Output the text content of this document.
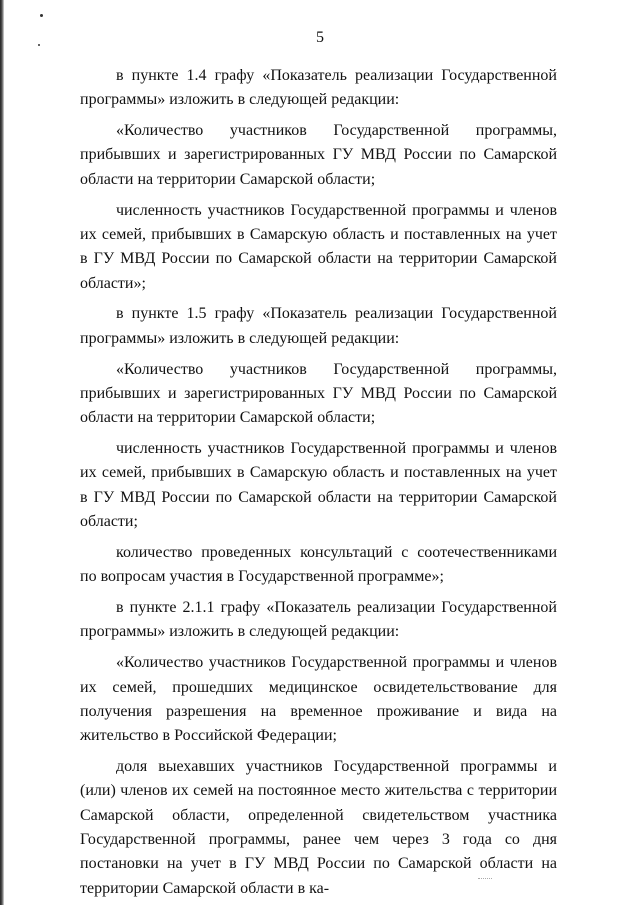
5

в пункте 1.4 графу «Показатель реализации Государственной программы» изложить в следующей редакции:

«Количество участников Государственной программы, прибывших и зарегистрированных ГУ МВД России по Самарской области на территории Самарской области;

численность участников Государственной программы и членов их семей, прибывших в Самарскую область и поставленных на учет в ГУ МВД России по Самарской области на территории Самарской области»;

в пункте 1.5 графу «Показатель реализации Государственной программы» изложить в следующей редакции:

«Количество участников Государственной программы, прибывших и зарегистрированных ГУ МВД России по Самарской области на территории Самарской области;

численность участников Государственной программы и членов их семей, прибывших в Самарскую область и поставленных на учет в ГУ МВД России по Самарской области на территории Самарской области;

количество проведенных консультаций с соотечественниками по вопросам участия в Государственной программе»;

в пункте 2.1.1 графу «Показатель реализации Государственной программы» изложить в следующей редакции:

«Количество участников Государственной программы и членов их семей, прошедших медицинское освидетельствование для получения разрешения на временное проживание и вида на жительство в Российской Федерации;

доля выехавших участников Государственной программы и (или) членов их семей на постоянное место жительства с территории Самарской области, определенной свидетельством участника Государственной программы, ранее чем через 3 года со дня постановки на учет в ГУ МВД России по Самарской области на территории Самарской области в ка-
